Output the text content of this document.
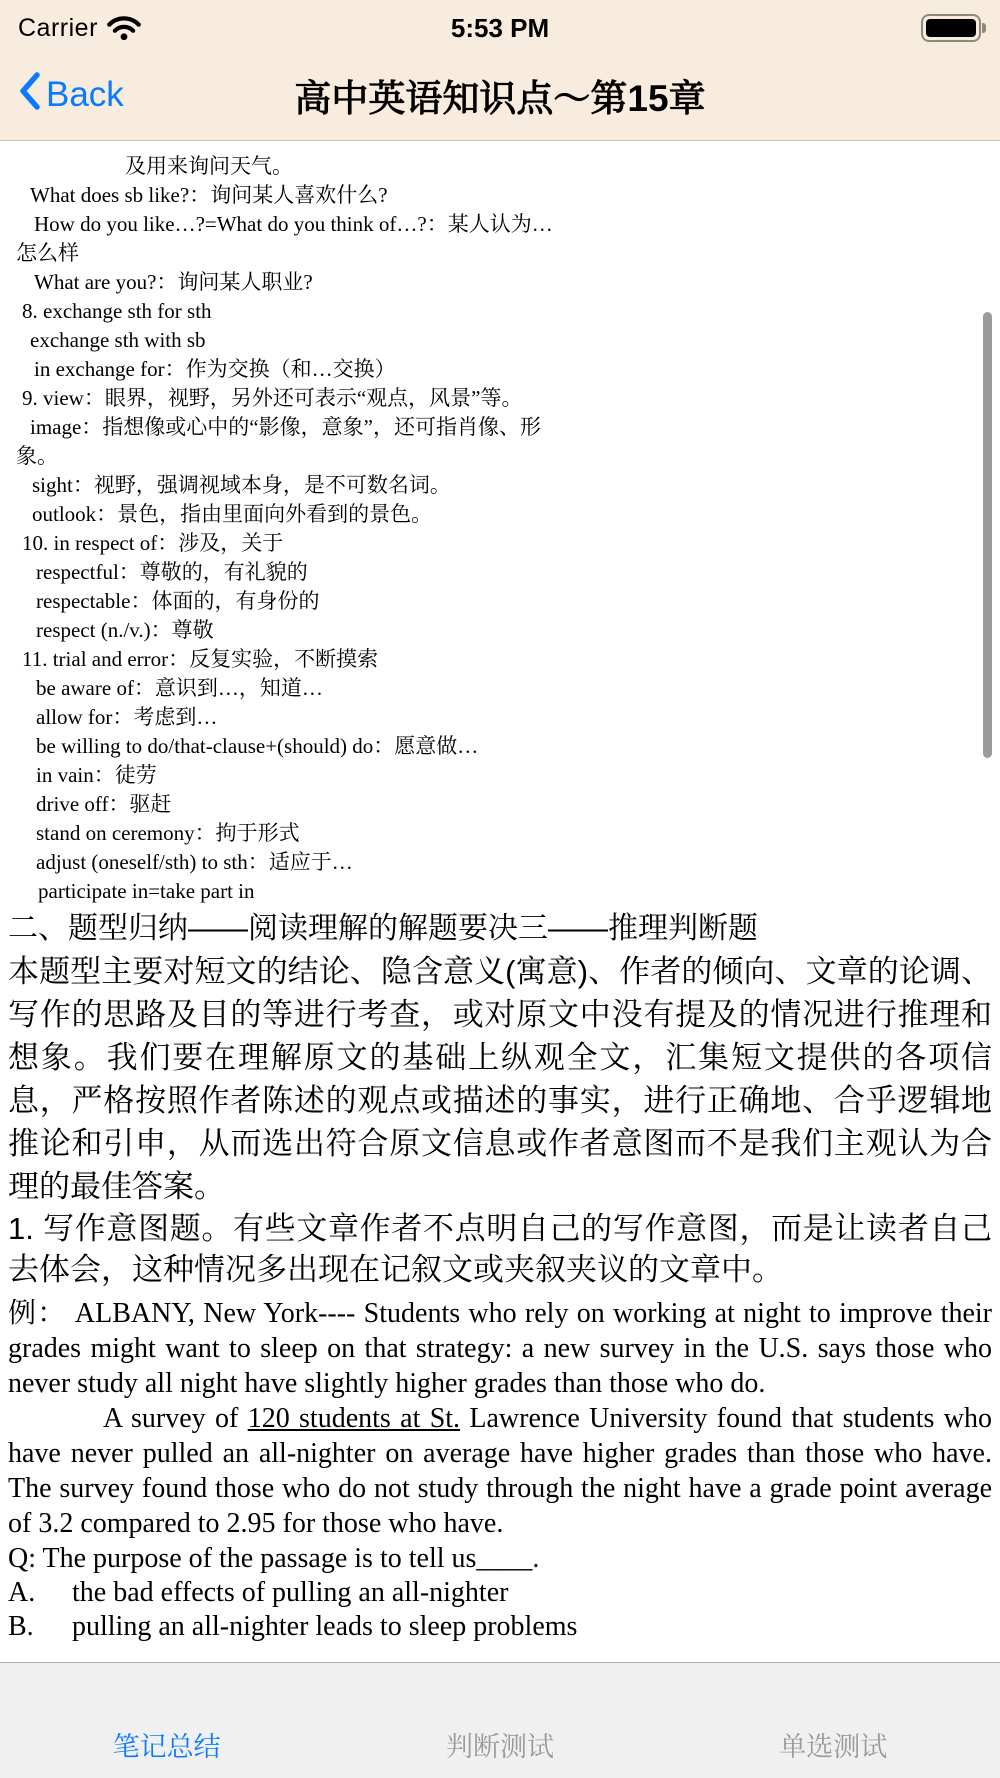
Carrier	5:53 PM
Back	高中英语知识点～第15章
及用来询问天气。
What does sb like?：询问某人喜欢什么?
How do you like…?=What do you think of…?：某人认为…
怎么样
What are you?：询问某人职业?
8. exchange sth for sth
exchange sth with sb
in exchange for：作为交换（和…交换）
9. view：眼界，视野，另外还可表示“观点，风景”等。
image：指想像或心中的“影像，意象”，还可指肖像、形
象。
sight：视野，强调视域本身，是不可数名词。
outlook：景色，指由里面向外看到的景色。
10. in respect of：涉及，关于
respectful：尊敬的，有礼貌的
respectable：体面的，有身份的
respect (n./v.)：尊敬
11. trial and error：反复实验，不断摸索
be aware of：意识到…，知道…
allow for：考虑到…
be willing to do/that-clause+(should) do：愿意做…
in vain：徒劳
drive off：驱赶
stand on ceremony：拘于形式
adjust (oneself/sth) to sth：适应于…
participate in=take part in
二、题型归纳——阅读理解的解题要决三——推理判断题

本题型主要对短文的结论、隐含意义(寓意)、作者的倾向、文章的论调、写作的思路及目的等进行考查，或对原文中没有提及的情况进行推理和想象。我们要在理解原文的基础上纵观全文，汇集短文提供的各项信息，严格按照作者陈述的观点或描述的事实，进行正确地、合乎逻辑地推论和引申，从而选出符合原文信息或作者意图而不是我们主观认为合理的最佳答案。

1. 写作意图题。有些文章作者不点明自己的写作意图，而是让读者自己去体会，这种情况多出现在记叙文或夹叙夹议的文章中。

例： ALBANY, New York---- Students who rely on working at night to improve their grades might want to sleep on that strategy: a new survey in the U.S. says those who never study all night have slightly higher grades than those who do.

A survey of 120 students at St. Lawrence University found that students who have never pulled an all-nighter on average have higher grades than those who have. The survey found those who do not study through the night have a grade point average of 3.2 compared to 2.95 for those who have.

Q: The purpose of the passage is to tell us____.

A.	the bad effects of pulling an all-nighter
B.	pulling an all-nighter leads to sleep problems
笔记总结	判断测试	单选测试
